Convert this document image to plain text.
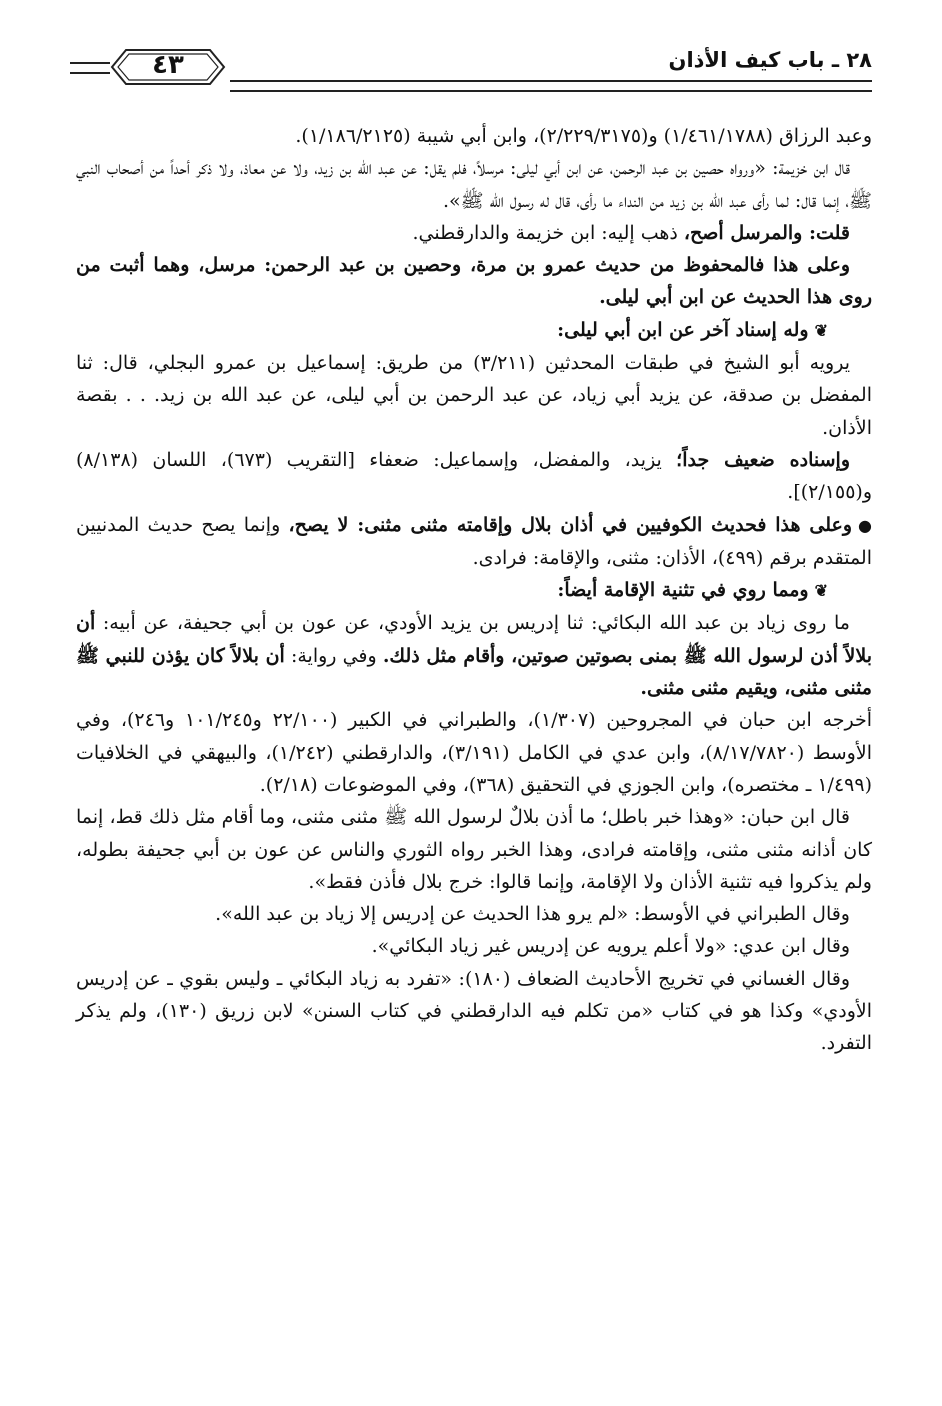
٢٨ ـ باب كيف الأذان
٤٣

وعبد الرزاق (١/٤٦١/١٧٨٨) و(٢/٢٢٩/٣١٧٥)، وابن أبي شيبة (١/١٨٦/٢١٢٥).

قال ابن خزيمة: «ورواه حصين بن عبد الرحمن، عن ابن أبي ليلى: مرسلاً، فلم يقل: عن عبد الله بن زيد، ولا عن معاذ، ولا ذكر أحداً من أصحاب النبي ﷺ، إنما قال: لما رأى عبد الله بن زيد من النداء ما رأى، قال له رسول الله ﷺ».

قلت: والمرسل أصح، ذهب إليه: ابن خزيمة والدارقطني.

وعلى هذا فالمحفوظ من حديث عمرو بن مرة، وحصين بن عبد الرحمن: مرسل، وهما أثبت من روى هذا الحديث عن ابن أبي ليلى.

❦وله إسناد آخر عن ابن أبي ليلى:

يرويه أبو الشيخ في طبقات المحدثين (٣/٢١١) من طريق: إسماعيل بن عمرو البجلي، قال: ثنا المفضل بن صدقة، عن يزيد أبي زياد، عن عبد الرحمن بن أبي ليلى، عن عبد الله بن زيد. . . بقصة الأذان.

وإسناده ضعيف جداً؛ يزيد، والمفضل، وإسماعيل: ضعفاء [التقريب (٦٧٣)، اللسان (٨/١٣٨) و(٢/١٥٥)].

●وعلى هذا فحديث الكوفيين في أذان بلال وإقامته مثنى مثنى: لا يصح، وإنما يصح حديث المدنيين المتقدم برقم (٤٩٩)، الأذان: مثنى، والإقامة: فرادى.

❦ومما روي في تثنية الإقامة أيضاً:

ما روى زياد بن عبد الله البكائي: ثنا إدريس بن يزيد الأودي، عن عون بن أبي جحيفة، عن أبيه: أن بلالاً أذن لرسول الله ﷺ بمنى بصوتين صوتين، وأقام مثل ذلك. وفي رواية: أن بلالاً كان يؤذن للنبي ﷺ مثنى مثنى، ويقيم مثنى مثنى.

أخرجه ابن حبان في المجروحين (١/٣٠٧)، والطبراني في الكبير (٢٢/١٠٠ و١٠١/٢٤٥ و٢٤٦)، وفي الأوسط (٨/١٧/٧٨٢٠)، وابن عدي في الكامل (٣/١٩١)، والدارقطني (١/٢٤٢)، والبيهقي في الخلافيات (١/٤٩٩ ـ مختصره)، وابن الجوزي في التحقيق (٣٦٨)، وفي الموضوعات (٢/١٨).

قال ابن حبان: «وهذا خبر باطل؛ ما أذن بلالٌ لرسول الله ﷺ مثنى مثنى، وما أقام مثل ذلك قط، إنما كان أذانه مثنى مثنى، وإقامته فرادى، وهذا الخبر رواه الثوري والناس عن عون بن أبي جحيفة بطوله، ولم يذكروا فيه تثنية الأذان ولا الإقامة، وإنما قالوا: خرج بلال فأذن فقط».

وقال الطبراني في الأوسط: «لم يرو هذا الحديث عن إدريس إلا زياد بن عبد الله».

وقال ابن عدي: «ولا أعلم يرويه عن إدريس غير زياد البكائي».

وقال الغساني في تخريج الأحاديث الضعاف (١٨٠): «تفرد به زياد البكائي ـ وليس بقوي ـ عن إدريس الأودي» وكذا هو في كتاب «من تكلم فيه الدارقطني في كتاب السنن» لابن زريق (١٣٠)، ولم يذكر التفرد.
